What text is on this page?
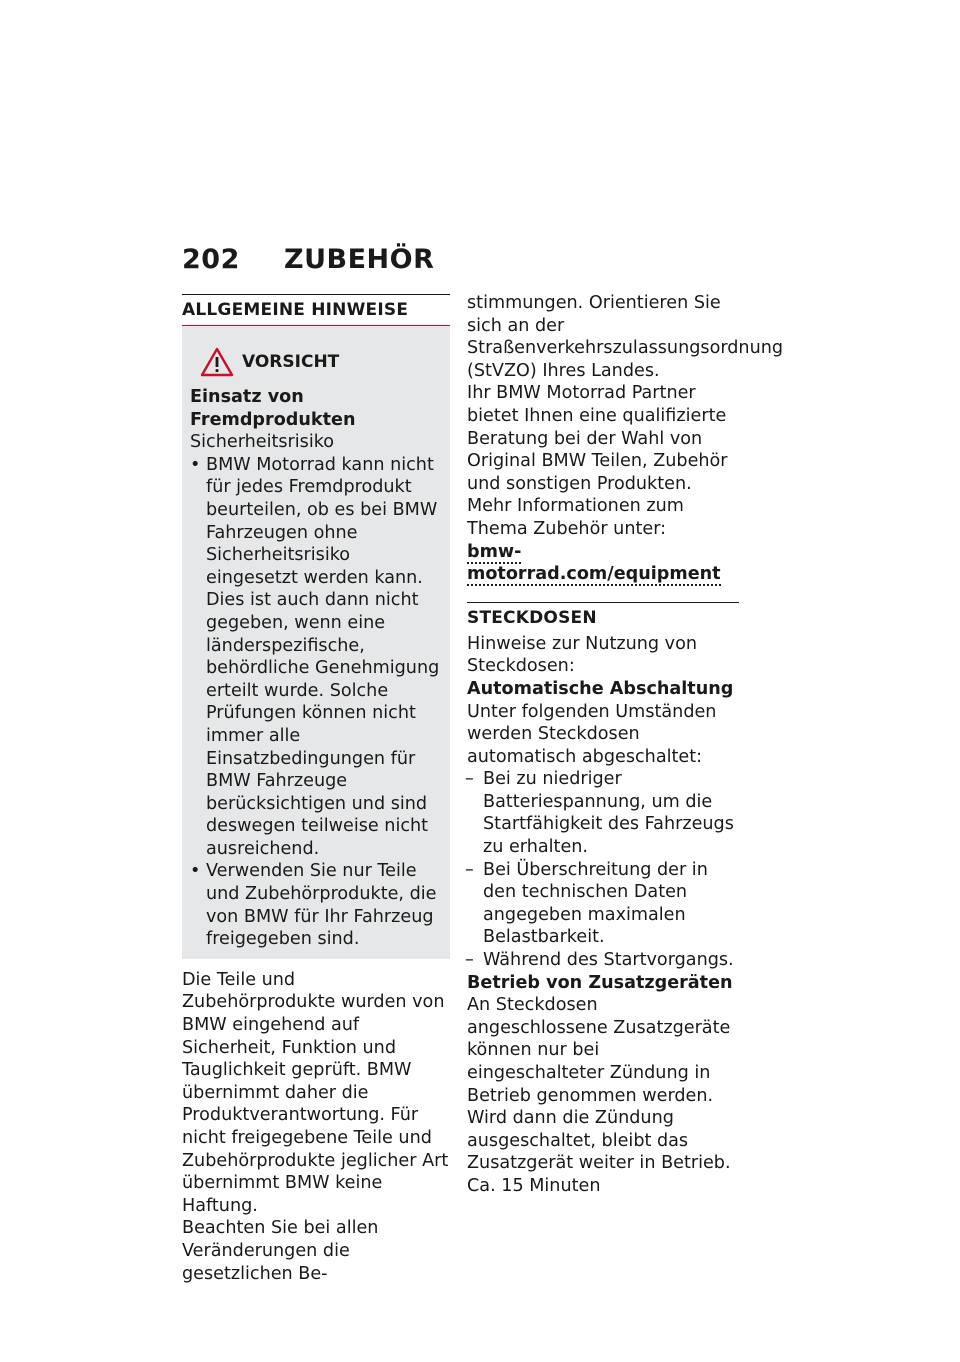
202 ZUBEHÖR
ALLGEMEINE HINWEISE
VORSICHT

Einsatz von Fremdprodukten

Sicherheitsrisiko

• BMW Motorrad kann nicht für jedes Fremdprodukt beurteilen, ob es bei BMW Fahrzeugen ohne Sicherheitsrisiko eingesetzt werden kann. Dies ist auch dann nicht gegeben, wenn eine länderspezifische, behördliche Genehmigung erteilt wurde. Solche Prüfungen können nicht immer alle Einsatzbedingungen für BMW Fahrzeuge berücksichtigen und sind deswegen teilweise nicht ausreichend.

• Verwenden Sie nur Teile und Zubehörprodukte, die von BMW für Ihr Fahrzeug freigegeben sind.

Die Teile und Zubehörprodukte wurden von BMW eingehend auf Sicherheit, Funktion und Tauglichkeit geprüft. BMW übernimmt daher die Produktverantwortung. Für nicht freigegebene Teile und Zubehörprodukte jeglicher Art übernimmt BMW keine Haftung.

Beachten Sie bei allen Veränderungen die gesetzlichen Be-

stimmungen. Orientieren Sie sich an der Straßenverkehrszulassungsordnung (StVZO) Ihres Landes.

Ihr BMW Motorrad Partner bietet Ihnen eine qualifizierte Beratung bei der Wahl von Original BMW Teilen, Zubehör und sonstigen Produkten.

Mehr Informationen zum Thema Zubehör unter:

bmw-motorrad.com/equipment

STECKDOSEN

Hinweise zur Nutzung von Steckdosen:

Automatische Abschaltung

Unter folgenden Umständen werden Steckdosen automatisch abgeschaltet:

– Bei zu niedriger Batteriespannung, um die Startfähigkeit des Fahrzeugs zu erhalten.

– Bei Überschreitung der in den technischen Daten angegeben maximalen Belastbarkeit.

– Während des Startvorgangs.

Betrieb von Zusatzgeräten

An Steckdosen angeschlossene Zusatzgeräte können nur bei eingeschalteter Zündung in Betrieb genommen werden. Wird dann die Zündung ausgeschaltet, bleibt das Zusatzgerät weiter in Betrieb. Ca. 15 Minuten
